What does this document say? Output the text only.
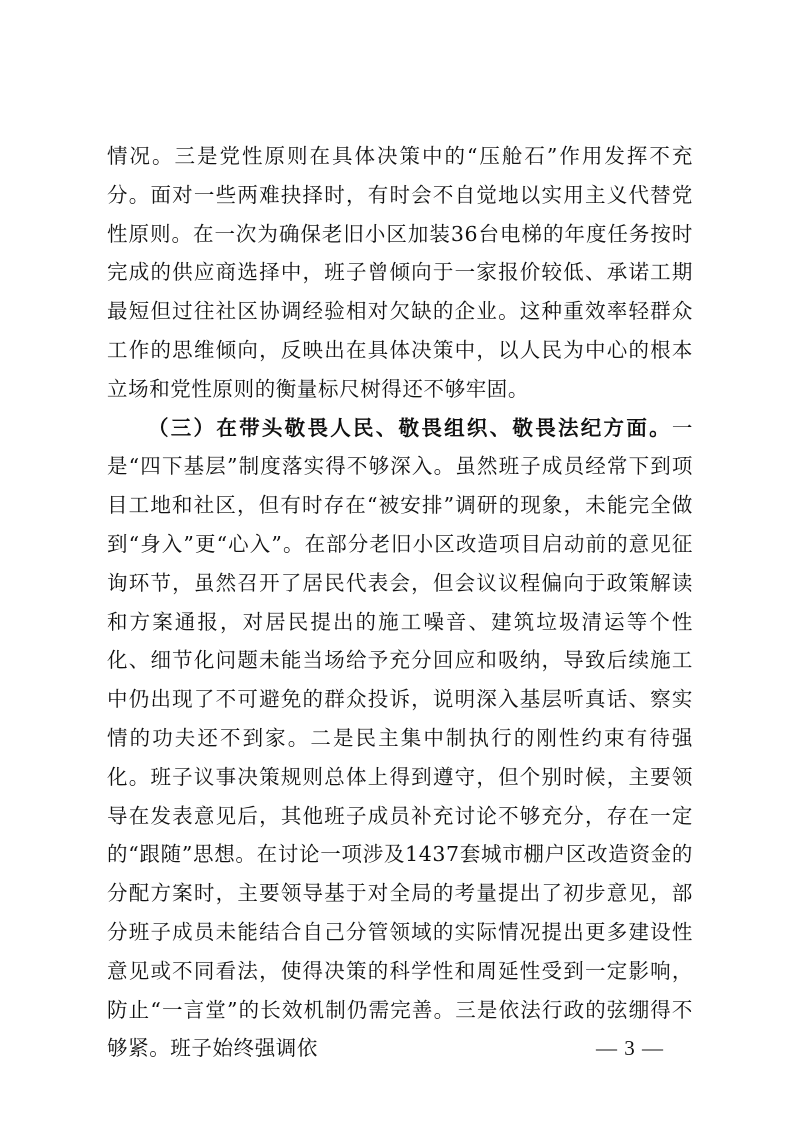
情况。三是党性原则在具体决策中的“压舱石”作用发挥不充分。面对一些两难抉择时，有时会不自觉地以实用主义代替党性原则。在一次为确保老旧小区加装36台电梯的年度任务按时完成的供应商选择中，班子曾倾向于一家报价较低、承诺工期最短但过往社区协调经验相对欠缺的企业。这种重效率轻群众工作的思维倾向，反映出在具体决策中，以人民为中心的根本立场和党性原则的衡量标尺树得还不够牢固。

（三）在带头敬畏人民、敬畏组织、敬畏法纪方面。一是“四下基层”制度落实得不够深入。虽然班子成员经常下到项目工地和社区，但有时存在“被安排”调研的现象，未能完全做到“身入”更“心入”。在部分老旧小区改造项目启动前的意见征询环节，虽然召开了居民代表会，但会议议程偏向于政策解读和方案通报，对居民提出的施工噪音、建筑垃圾清运等个性化、细节化问题未能当场给予充分回应和吸纳，导致后续施工中仍出现了不可避免的群众投诉，说明深入基层听真话、察实情的功夫还不到家。二是民主集中制执行的刚性约束有待强化。班子议事决策规则总体上得到遵守，但个别时候，主要领导在发表意见后，其他班子成员补充讨论不够充分，存在一定的“跟随”思想。在讨论一项涉及1437套城市棚户区改造资金的分配方案时，主要领导基于对全局的考量提出了初步意见，部分班子成员未能结合自己分管领域的实际情况提出更多建设性意见或不同看法，使得决策的科学性和周延性受到一定影响，防止“一言堂”的长效机制仍需完善。三是依法行政的弦绷得不够紧。班子始终强调依	— 3 —
